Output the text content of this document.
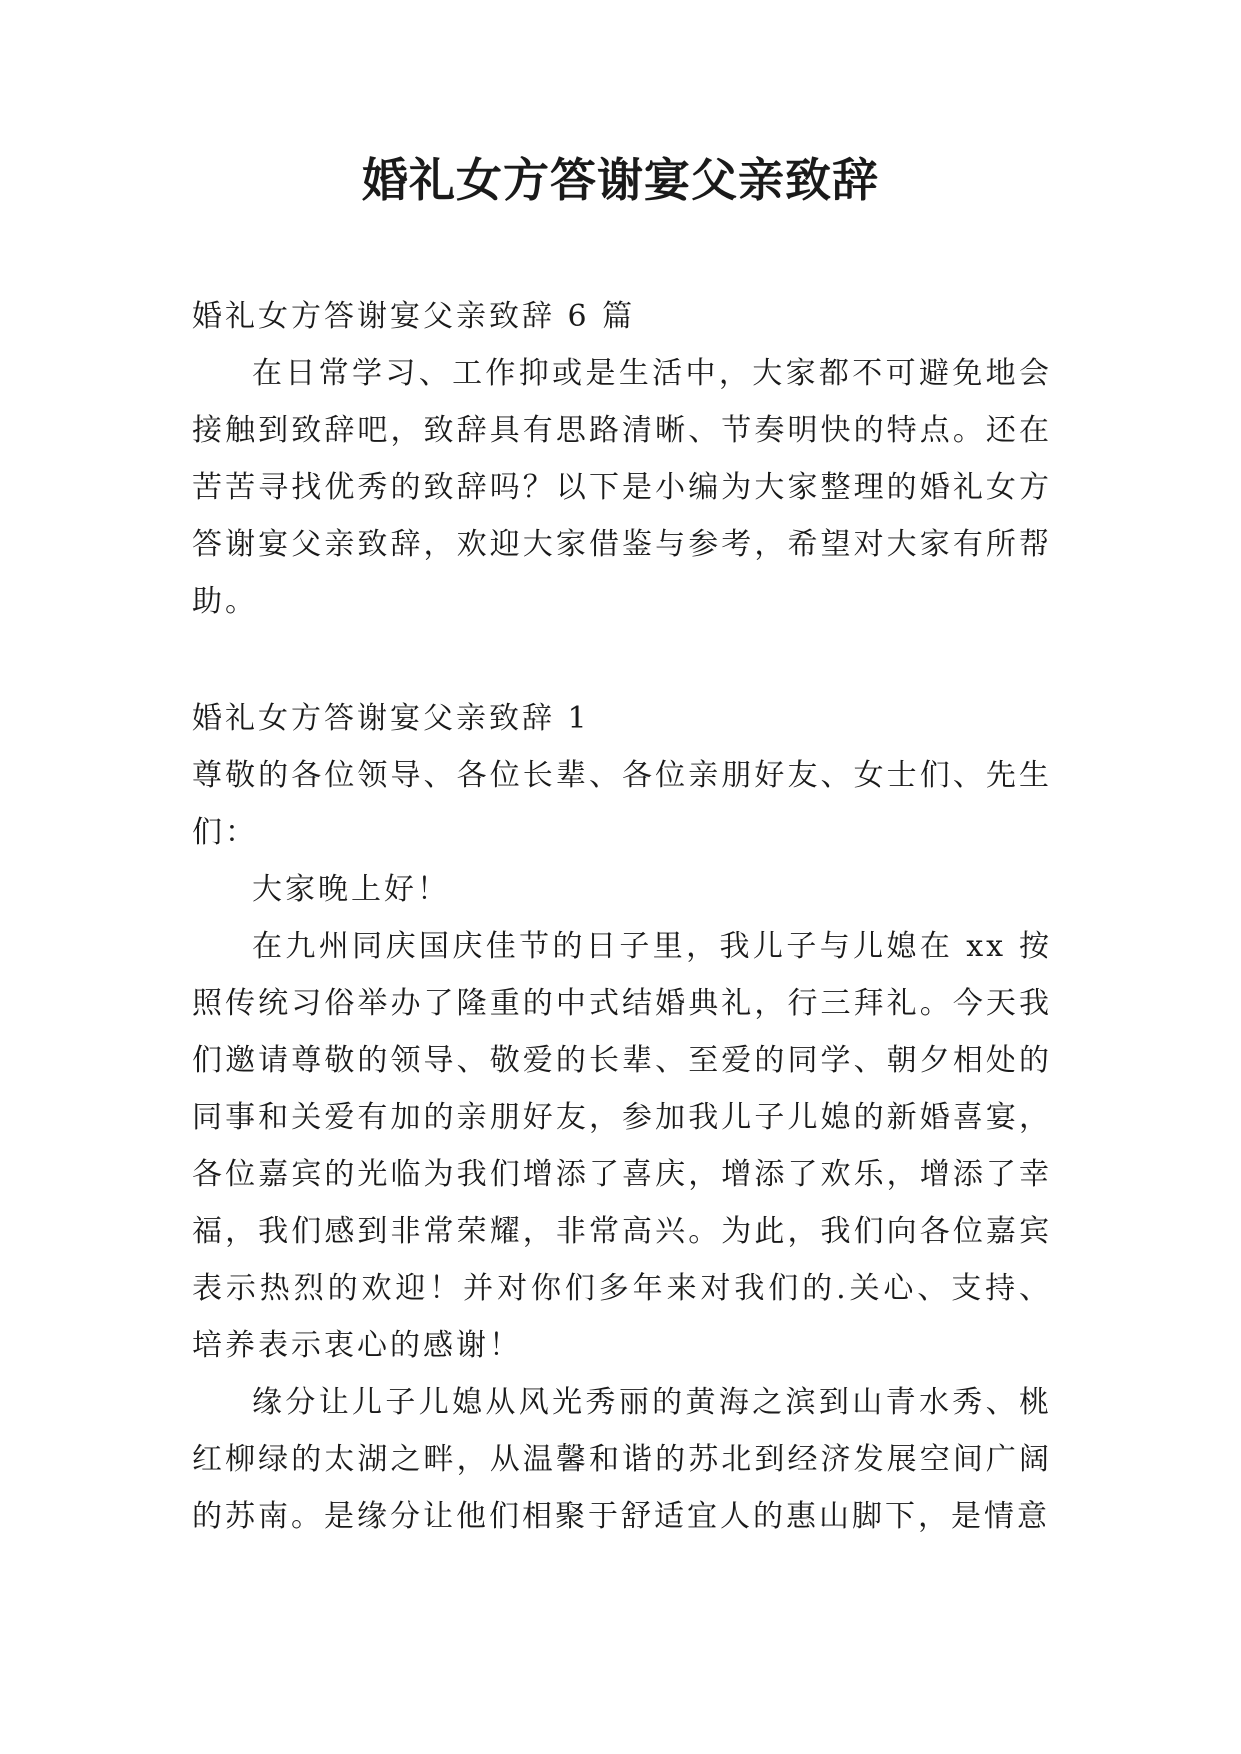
婚礼女方答谢宴父亲致辞

婚礼女方答谢宴父亲致辞 6 篇

在日常学习、工作抑或是生活中，大家都不可避免地会接触到致辞吧，致辞具有思路清晰、节奏明快的特点。还在苦苦寻找优秀的致辞吗？以下是小编为大家整理的婚礼女方答谢宴父亲致辞，欢迎大家借鉴与参考，希望对大家有所帮助。

婚礼女方答谢宴父亲致辞 1

尊敬的各位领导、各位长辈、各位亲朋好友、女士们、先生们：

大家晚上好！

在九州同庆国庆佳节的日子里，我儿子与儿媳在 xx 按照传统习俗举办了隆重的中式结婚典礼，行三拜礼。今天我们邀请尊敬的领导、敬爱的长辈、至爱的同学、朝夕相处的同事和关爱有加的亲朋好友，参加我儿子儿媳的新婚喜宴，各位嘉宾的光临为我们增添了喜庆，增添了欢乐，增添了幸福，我们感到非常荣耀，非常高兴。为此，我们向各位嘉宾表示热烈的欢迎！并对你们多年来对我们的.关心、支持、培养表示衷心的感谢！

缘分让儿子儿媳从风光秀丽的黄海之滨到山青水秀、桃红柳绿的太湖之畔，从温馨和谐的苏北到经济发展空间广阔的苏南。是缘分让他们相聚于舒适宜人的惠山脚下，是情意
